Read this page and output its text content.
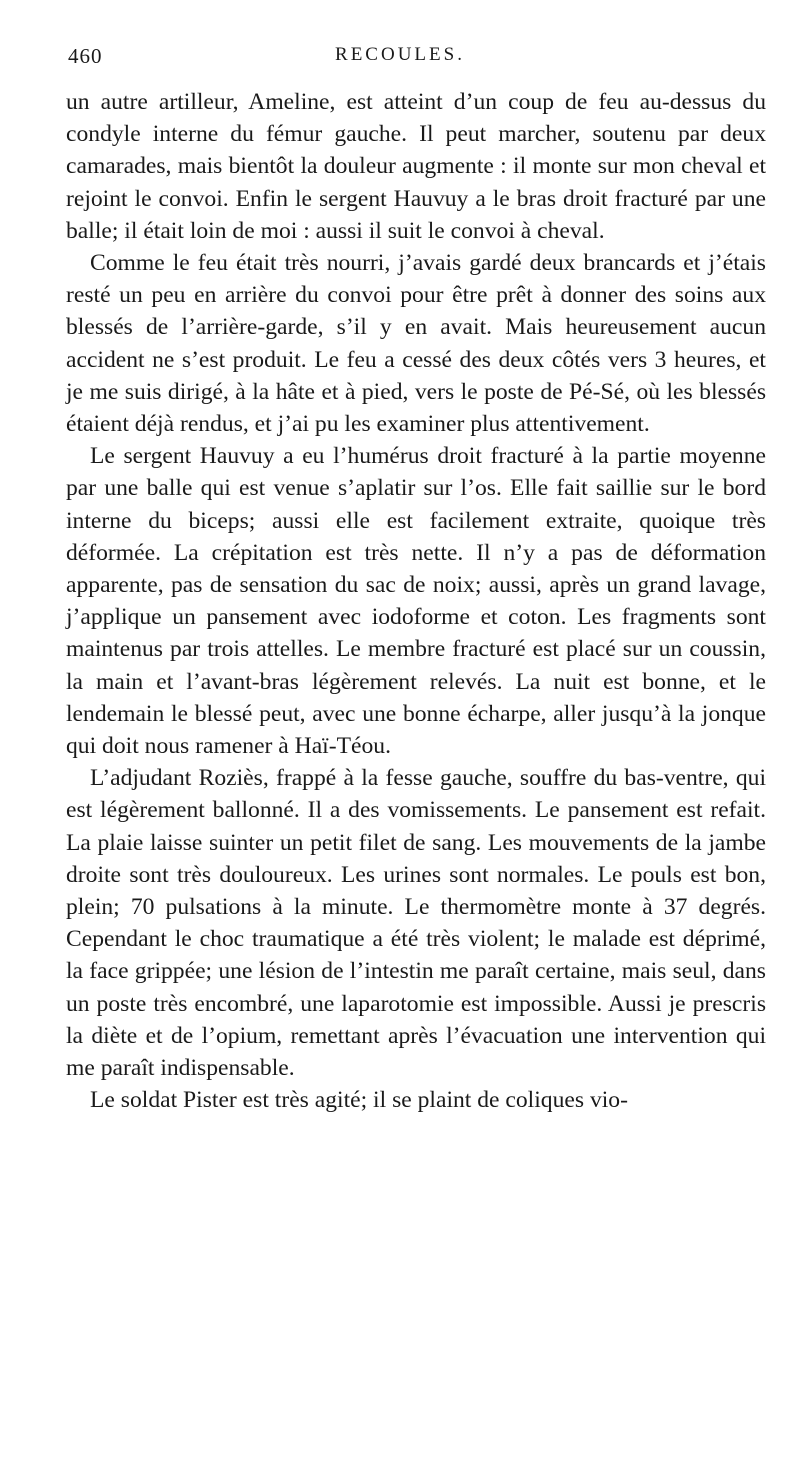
460	RECOULES.

un autre artilleur, Ameline, est atteint d’un coup de feu au-dessus du condyle interne du fémur gauche. Il peut marcher, soutenu par deux camarades, mais bientôt la douleur augmente : il monte sur mon cheval et rejoint le convoi. Enfin le sergent Hauvuy a le bras droit fracturé par une balle; il était loin de moi : aussi il suit le convoi à cheval.

Comme le feu était très nourri, j’avais gardé deux brancards et j’étais resté un peu en arrière du convoi pour être prêt à donner des soins aux blessés de l’arrière-garde, s’il y en avait. Mais heureusement aucun accident ne s’est produit. Le feu a cessé des deux côtés vers 3 heures, et je me suis dirigé, à la hâte et à pied, vers le poste de Pé-Sé, où les blessés étaient déjà rendus, et j’ai pu les examiner plus attentivement.

Le sergent Hauvuy a eu l’humérus droit fracturé à la partie moyenne par une balle qui est venue s’aplatir sur l’os. Elle fait saillie sur le bord interne du biceps; aussi elle est facilement extraite, quoique très déformée. La crépitation est très nette. Il n’y a pas de déformation apparente, pas de sensation du sac de noix; aussi, après un grand lavage, j’applique un pansement avec iodoforme et coton. Les fragments sont maintenus par trois attelles. Le membre fracturé est placé sur un coussin, la main et l’avant-bras légèrement relevés. La nuit est bonne, et le lendemain le blessé peut, avec une bonne écharpe, aller jusqu’à la jonque qui doit nous ramener à Haï-Téou.

L’adjudant Roziès, frappé à la fesse gauche, souffre du bas-ventre, qui est légèrement ballonné. Il a des vomissements. Le pansement est refait. La plaie laisse suinter un petit filet de sang. Les mouvements de la jambe droite sont très douloureux. Les urines sont normales. Le pouls est bon, plein; 70 pulsations à la minute. Le thermomètre monte à 37 degrés. Cependant le choc traumatique a été très violent; le malade est déprimé, la face grippée; une lésion de l’intestin me paraît certaine, mais seul, dans un poste très encombré, une laparotomie est impossible. Aussi je prescris la diète et de l’opium, remettant après l’évacuation une intervention qui me paraît indispensable.

Le soldat Pister est très agité; il se plaint de coliques vio-
